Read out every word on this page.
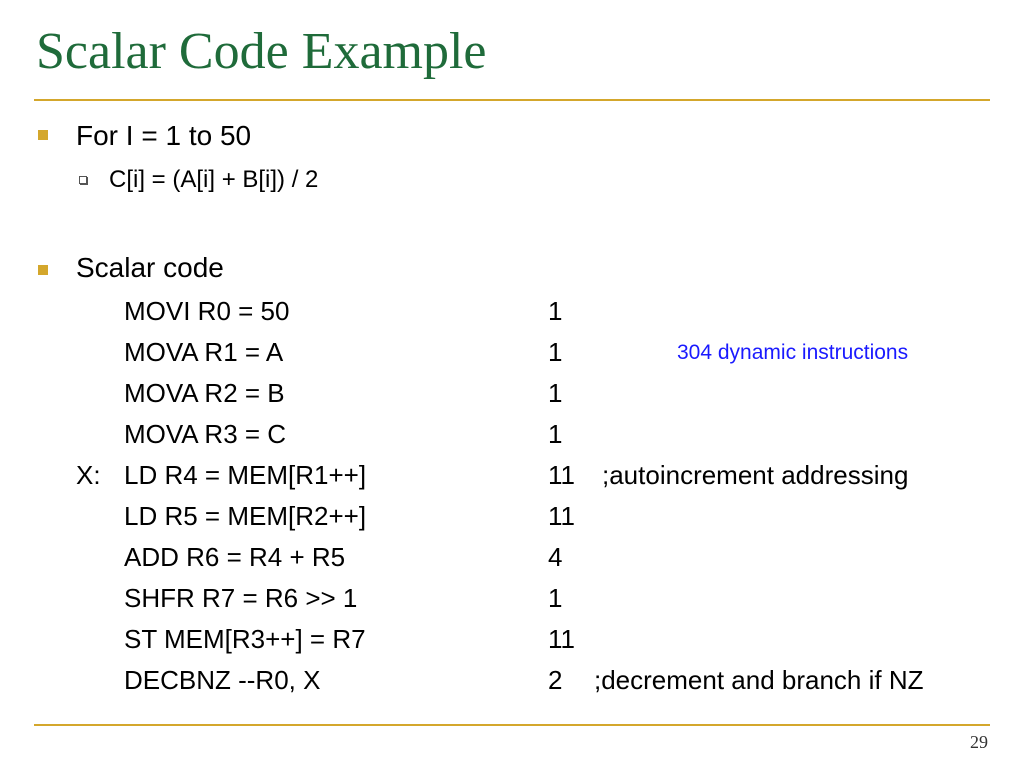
Scalar Code Example
For I = 1 to 50
C[i] = (A[i] + B[i]) / 2
Scalar code
MOVI R0 = 50	1
MOVA R1 = A	1
MOVA R2 = B	1
MOVA R3 = C	1
X: LD R4 = MEM[R1++]	11 ;autoincrement addressing
LD R5 = MEM[R2++]	11
ADD R6 = R4 + R5	4
SHFR R7 = R6 >> 1	1
ST MEM[R3++] = R7	11
DECBNZ --R0, X	2 ;decrement and branch if NZ
304 dynamic instructions
29
